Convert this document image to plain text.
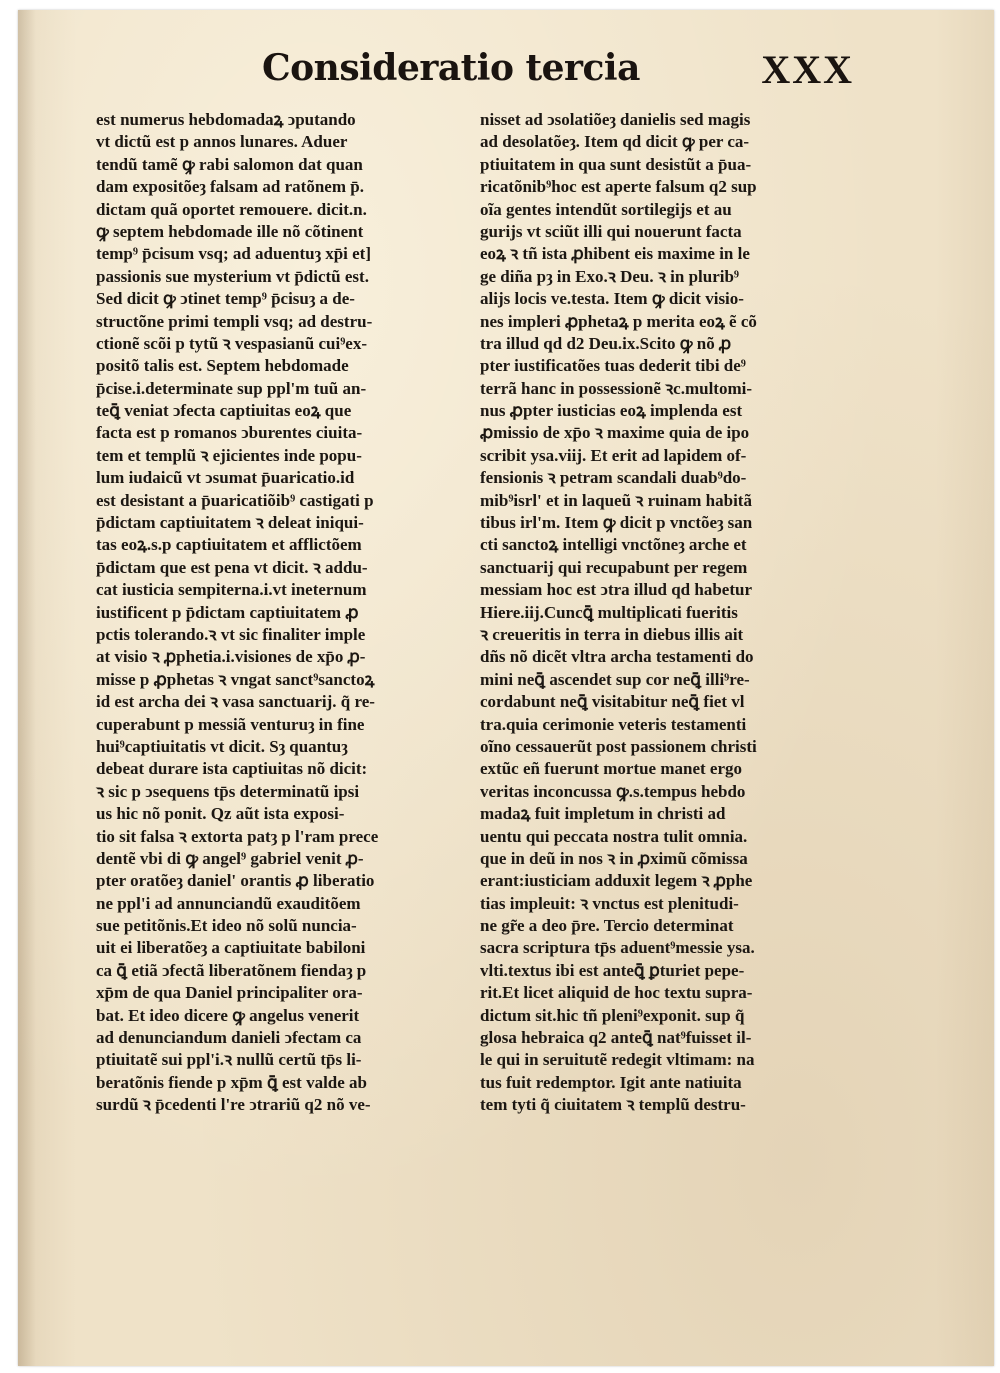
Consideratio tercia	XXX
est numerus hebdomadaꝝ ↄputando
vt dictũ est p annos lunares. Aduer
tendũ tamẽ ꝙ rabi salomon dat quan
dam expositõeȝ falsam ad ratõnem p̄.
dictam quã oportet remouere. dicit.n.
ꝙ septem hebdomade ille nõ cõtinent
temp⁹ p̄cisum vsq; ad aduentuȝ xp̄i et]
passionis sue mysterium vt p̄dictũ est.
Sed dicit ꝙ ↄtinet temp⁹ p̄cisuȝ a de-
structõne primi templi vsq; ad destru-
ctionẽ scõi p tytũ ꝛ vespasianũ cui⁹ex-
positõ talis est. Septem hebdomade
p̄cise.i.determinate sup ppl'm tuũ an-
teꝗ̄ veniat ↄfecta captiuitas eoꝝ que
facta est p romanos ↄburentes ciuita-
tem et templũ ꝛ ejicientes inde popu-
lum iudaicũ vt ↄsumat p̄uaricatio.id
est desistant a p̄uaricatiõib⁹ castigati p
p̄dictam captiuitatem ꝛ deleat iniqui-
tas eoꝝ.s.p captiuitatem et afflictõem
p̄dictam que est pena vt dicit. ꝛ addu-
cat iusticia sempiterna.i.vt ineternum
iustificent p p̄dictam captiuitatem ꝓ
pctis tolerando.ꝛ vt sic finaliter imple
at visio ꝛ ꝓphetia.i.visiones de xp̄o ꝓ-
misse p ꝓphetas ꝛ vngat sanct⁹sanctoꝝ
id est archa dei ꝛ vasa sanctuarij. q̃ re-
cuperabunt p messiã venturuȝ in fine
hui⁹captiuitatis vt dicit. Sȝ quantuȝ
debeat durare ista captiuitas nõ dicit:
ꝛ sic p ↄsequens tp̄s determinatũ ipsi
us hic nõ ponit. Qz aũt ista exposi-
tio sit falsa ꝛ extorta patȝ p l'ram prece
dentẽ vbi di ꝙ angel⁹ gabriel venit ꝓ-
pter oratõeȝ daniel' orantis ꝓ liberatio
ne ppl'i ad annunciandũ exauditõem
sue petitõnis.Et ideo nõ solũ nuncia-
uit ei liberatõeȝ a captiuitate babiloni
ca ꝗ̄ etiã ↄfectã liberatõnem fiendaȝ p
xp̄m de qua Daniel principaliter ora-
bat. Et ideo dicere ꝙ angelus venerit
ad denunciandum danieli ↄfectam ca
ptiuitatẽ sui ppl'i.ꝛ nullũ certũ tp̄s li-
beratõnis fiende p xp̄m ꝗ̄ est valde ab
surdũ ꝛ p̄cedenti l're ↄtrariũ q2 nõ ve-
nisset ad ↄsolatiõeȝ danielis sed magis
ad desolatõeȝ. Item qd dicit ꝙ per ca-
ptiuitatem in qua sunt desistũt a p̄ua-
ricatõnib⁹hoc est aperte falsum q2 sup
oĩa gentes intendũt sortilegijs et au
gurijs vt sciũt illi qui nouerunt facta
eoꝝ ꝛ tñ ista ꝓhibent eis maxime in le
ge diña pȝ in Exo.ꝛ Deu. ꝛ in plurib⁹
alijs locis ve.testa. Item ꝙ dicit visio-
nes impleri ꝓphetaꝝ p merita eoꝝ ẽ cõ
tra illud qd d2 Deu.ix.Scito ꝙ nõ ꝓ
pter iustificatões tuas dederit tibi de⁹
terrã hanc in possessionẽ ꝛc.multomi-
nus ꝓpter iusticias eoꝝ implenda est
ꝓmissio de xp̄o ꝛ maxime quia de ipo
scribit ysa.viij. Et erit ad lapidem of-
fensionis ꝛ petram scandali duab⁹do-
mib⁹isrl' et in laqueũ ꝛ ruinam habitã
tibus irl'm. Item ꝙ dicit p vnctõeȝ san
cti sanctoꝝ intelligi vnctõneȝ arche et
sanctuarij qui recupabunt per regem
messiam hoc est ↄtra illud qd habetur
Hiere.iij.Cuncꝗ̄ multiplicati fueritis
ꝛ creueritis in terra in diebus illis ait
dñs nõ dicẽt vltra archa testamenti do
mini neꝗ̄ ascendet sup cor neꝗ̄ illi⁹re-
cordabunt neꝗ̄ visitabitur neꝗ̄ fiet vl
tra.quia cerimonie veteris testamenti
oĩno cessauerũt post passionem christi
extũc eñ fuerunt mortue manet ergo
veritas inconcussa ꝙ.s.tempus hebdo
madaꝝ fuit impletum in christi ad
uentu qui peccata nostra tulit omnia.
que in deũ in nos ꝛ in ꝓximũ cõmissa
erant:iusticiam adduxit legem ꝛ ꝓphe
tias impleuit: ꝛ vnctus est plenitudi-
ne gr̃e a deo p̄re. Tercio determinat
sacra scriptura tp̄s aduent⁹messie ysa.
vlti.textus ibi est anteꝗ̄ ꝑturiet pepe-
rit.Et licet aliquid de hoc textu supra-
dictum sit.hic tñ pleni⁹exponit. sup q̃
glosa hebraica q2 anteꝗ̄ nat⁹fuisset il-
le qui in seruitutẽ redegit vltimam: na
tus fuit redemptor. Igit ante natiuita
tem tyti q̃ ciuitatem ꝛ templũ destru-
